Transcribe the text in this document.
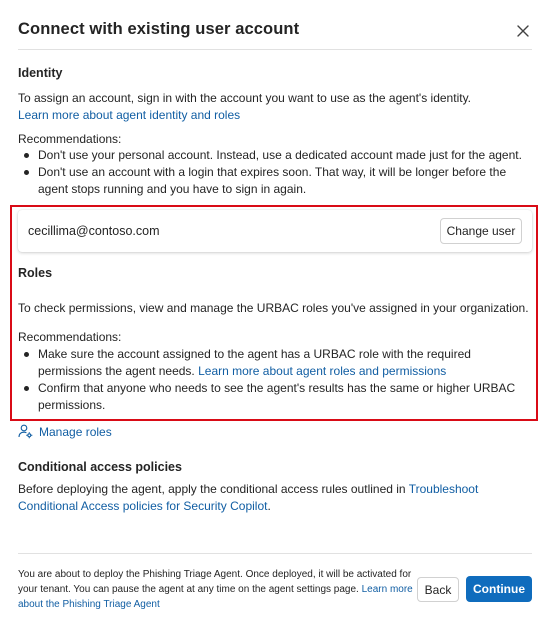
Connect with existing user account
Identity
To assign an account, sign in with the account you want to use as the agent's identity.
Learn more about agent identity and roles
Recommendations:
Don't use your personal account. Instead, use a dedicated account made just for the agent.
Don't use an account with a login that expires soon. That way, it will be longer before the agent stops running and you have to sign in again.
cecillima@contoso.com	Change user
Roles
To check permissions, view and manage the URBAC roles you've assigned in your organization.
Recommendations:
Make sure the account assigned to the agent has a URBAC role with the required permissions the agent needs. Learn more about agent roles and permissions
Confirm that anyone who needs to see the agent's results has the same or higher URBAC permissions.
Manage roles
Conditional access policies
Before deploying the agent, apply the conditional access rules outlined in Troubleshoot Conditional Access policies for Security Copilot.
You are about to deploy the Phishing Triage Agent. Once deployed, it will be activated for your tenant. You can pause the agent at any time on the agent settings page. Learn more about the Phishing Triage Agent
Back	Continue
